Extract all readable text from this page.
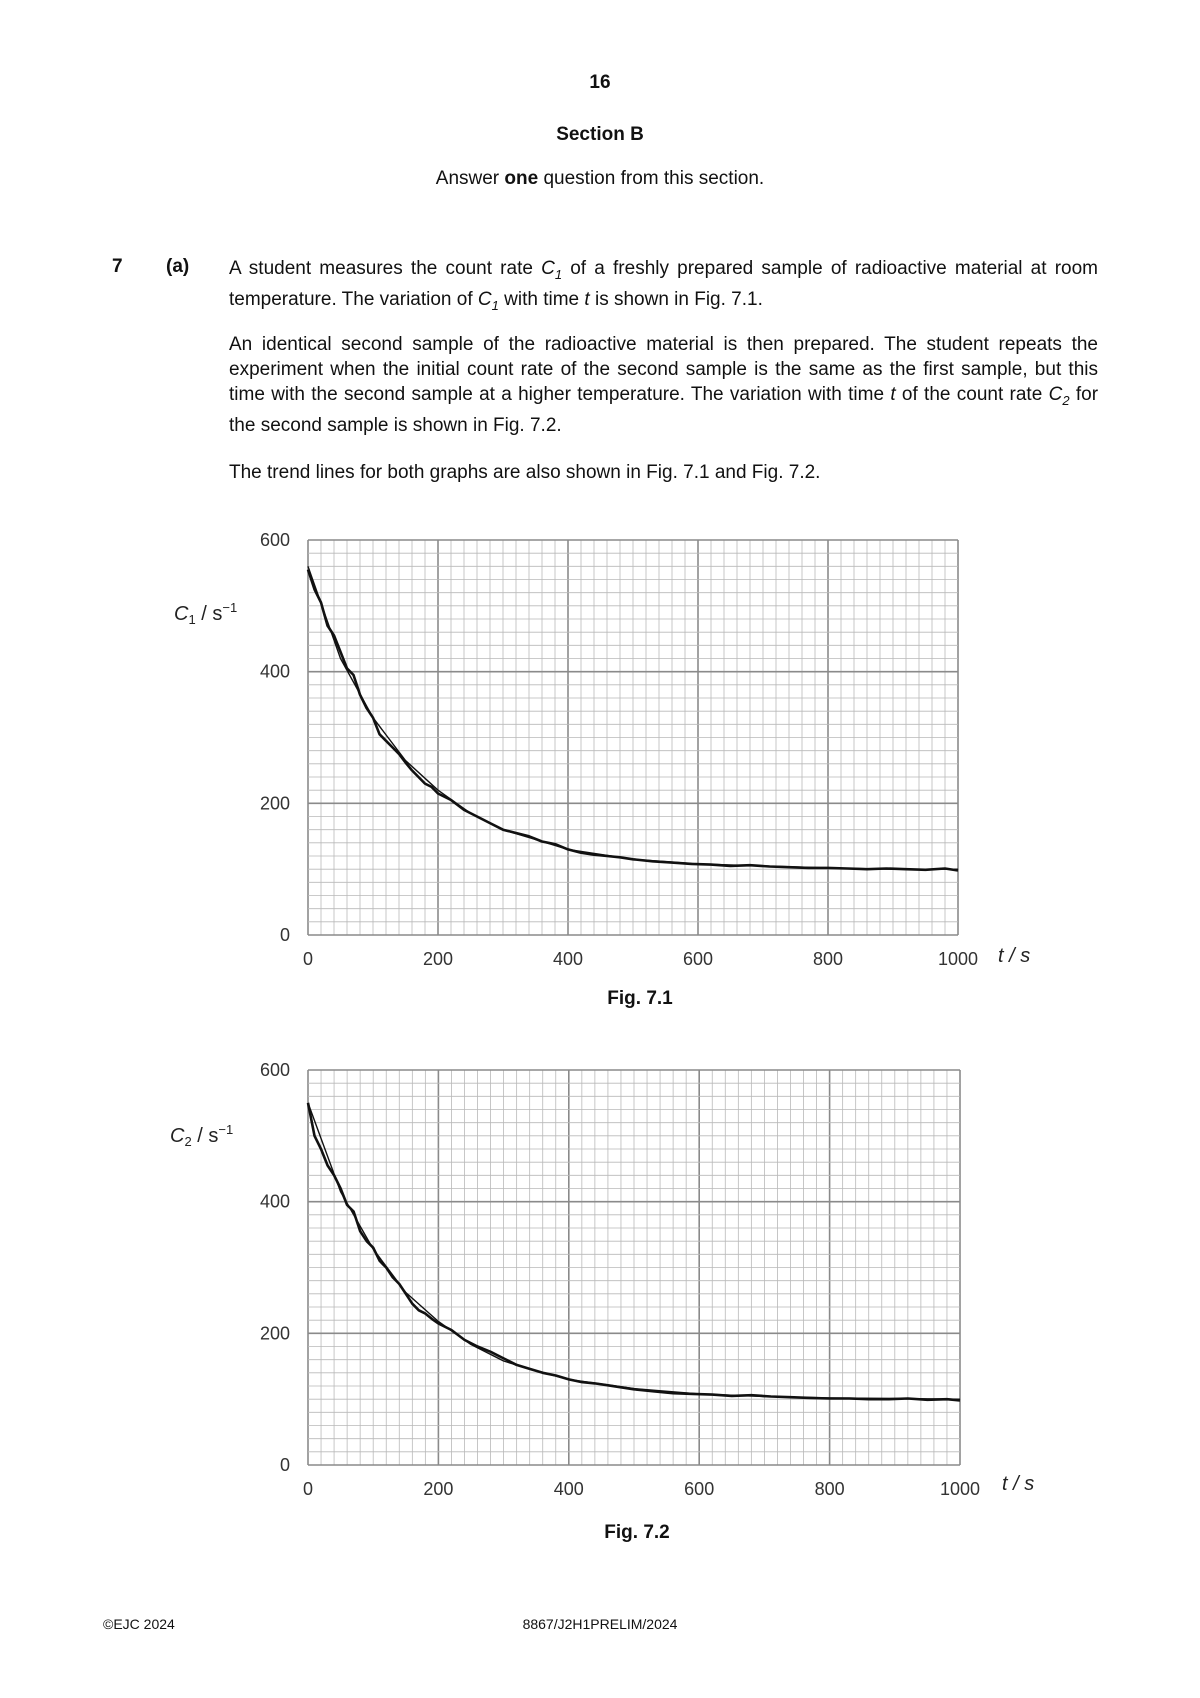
16
Section B
Answer one question from this section.
7 (a) A student measures the count rate $C_1$ of a freshly prepared sample of radioactive material at room temperature. The variation of $C_1$ with time t is shown in Fig. 7.1.
An identical second sample of the radioactive material is then prepared. The student repeats the experiment when the initial count rate of the second sample is the same as the first sample, but this time with the second sample at a higher temperature. The variation with time t of the count rate $C_2$ for the second sample is shown in Fig. 7.2.
The trend lines for both graphs are also shown in Fig. 7.1 and Fig. 7.2.
0	200	400	600	800	1000
0
200
400
600
$C_1 / s^{-1}$
t / s
Fig. 7.1
0	200	400	600	800	1000
0
200
400
600
$C_2 / s^{-1}$
t / s
Fig. 7.2
©EJC 2024	8867/J2H1PRELIM/2024
